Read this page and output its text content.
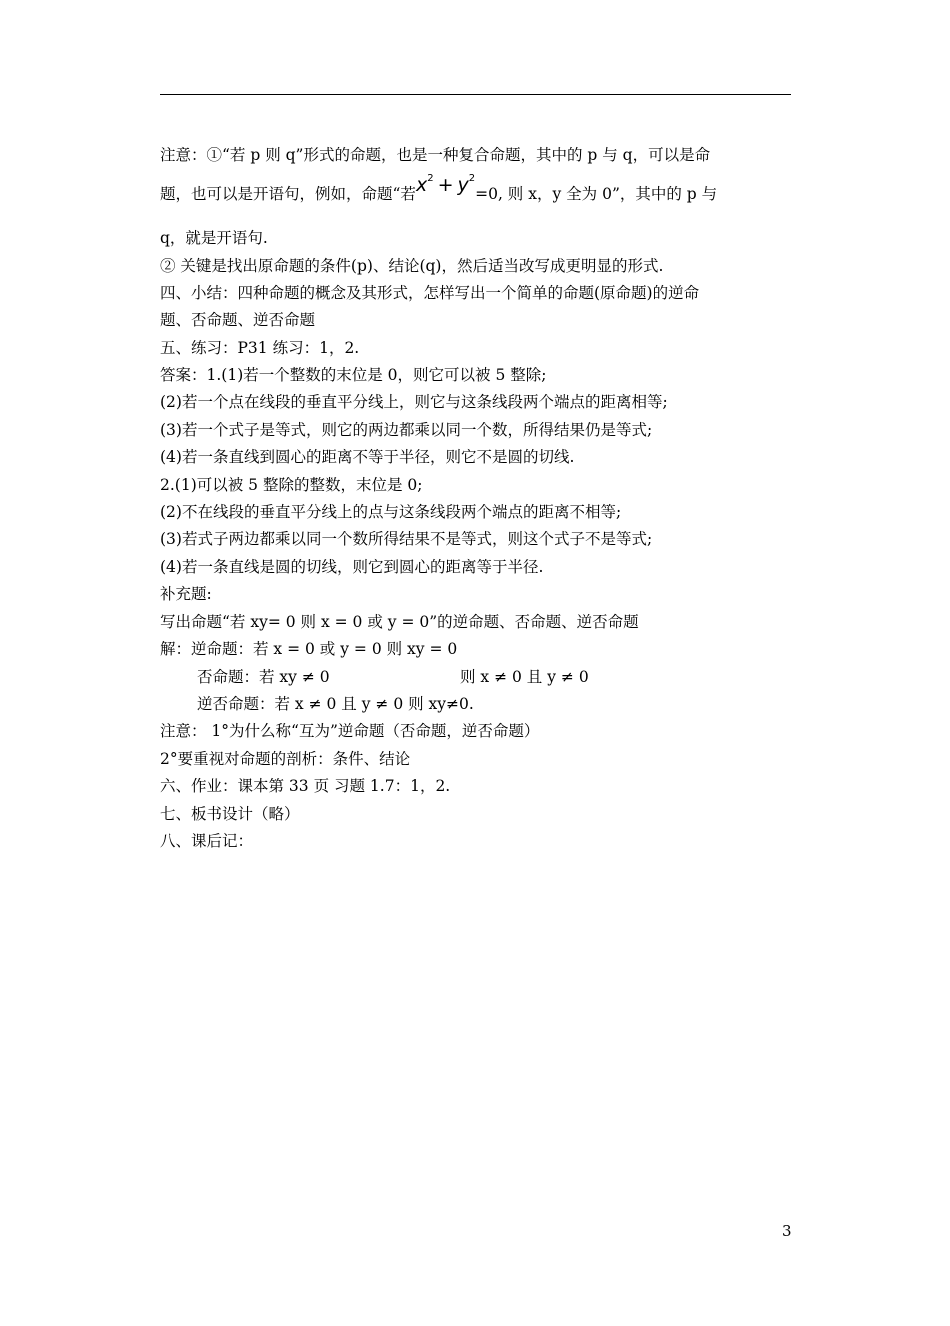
注意：①“若 p 则 q”形式的命题，也是一种复合命题，其中的 p 与 q，可以是命
题，也可以是开语句，例如，命题“若$x^2 + y^2=0$, 则 x，y 全为 0”，其中的 p 与
q，就是开语句.
② 关键是找出原命题的条件(p)、结论(q)，然后适当改写成更明显的形式.
四、小结：四种命题的概念及其形式，怎样写出一个简单的命题(原命题)的逆命
题、否命题、逆否命题
五、练习：P31 练习：1，2.
答案：1.(1)若一个整数的末位是 0，则它可以被 5 整除;
(2)若一个点在线段的垂直平分线上，则它与这条线段两个端点的距离相等;
(3)若一个式子是等式，则它的两边都乘以同一个数，所得结果仍是等式;
(4)若一条直线到圆心的距离不等于半径，则它不是圆的切线.
2.(1)可以被 5 整除的整数，末位是 0;
(2)不在线段的垂直平分线上的点与这条线段两个端点的距离不相等;
(3)若式子两边都乘以同一个数所得结果不是等式，则这个式子不是等式;
(4)若一条直线是圆的切线，则它到圆心的距离等于半径.
补充题:
写出命题“若 xy= 0 则 x = 0 或 y = 0”的逆命题、否命题、逆否命题
解：逆命题：若 x = 0 或 y = 0 则 xy = 0
否命题：若 xy ≠ 0	则 x ≠ 0 且 y ≠ 0
逆否命题：若 x ≠ 0 且 y ≠ 0 则 xy≠0.
注意： 1°为什么称“互为”逆命题（否命题，逆否命题）
2°要重视对命题的剖析：条件、结论
六、作业：课本第 33 页 习题 1.7：1，2.
七、板书设计（略）
八、课后记：
3
